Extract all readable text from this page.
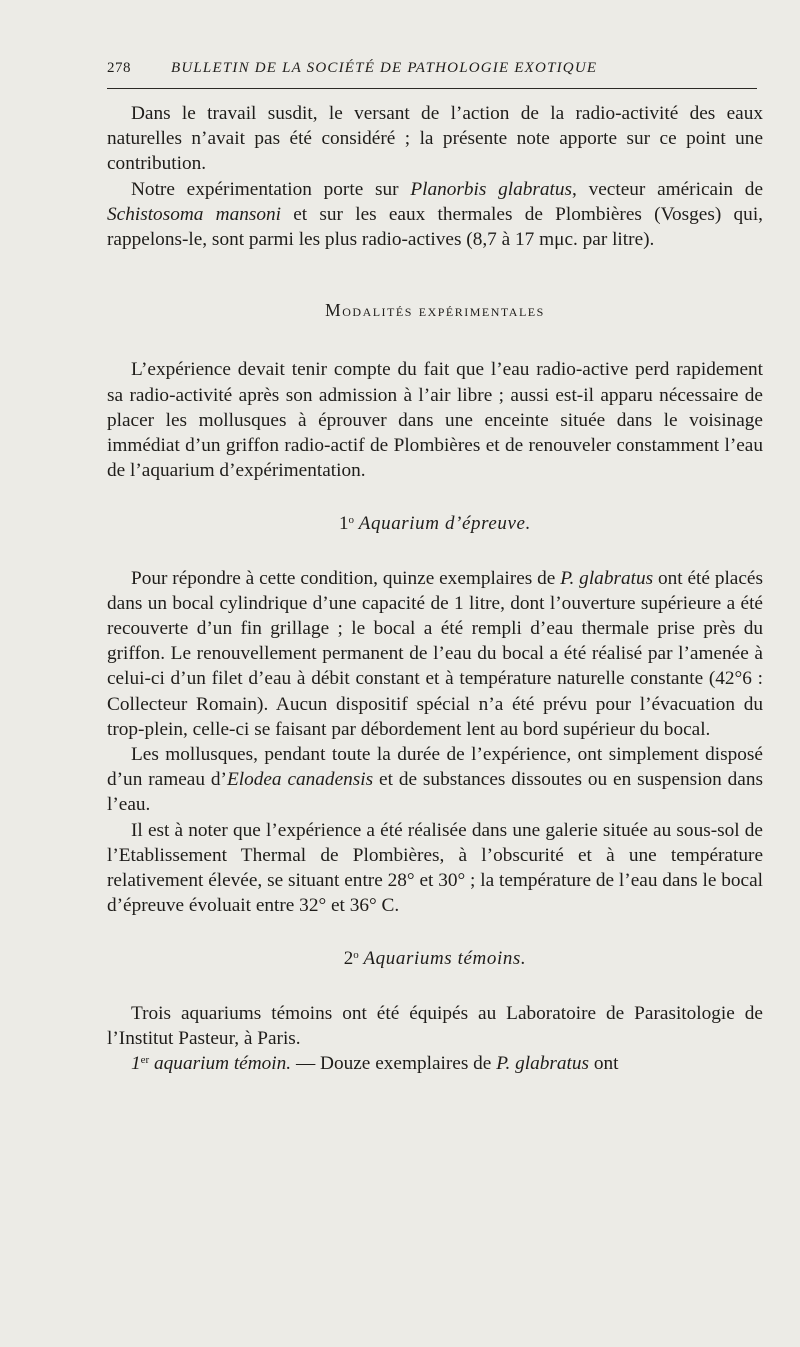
278	BULLETIN DE LA SOCIÉTÉ DE PATHOLOGIE EXOTIQUE

Dans le travail susdit, le versant de l’action de la radio-activité des eaux naturelles n’avait pas été considéré ; la présente note apporte sur ce point une contribution.

Notre expérimentation porte sur Planorbis glabratus, vecteur américain de Schistosoma mansoni et sur les eaux thermales de Plombières (Vosges) qui, rappelons-le, sont parmi les plus radio-actives (8,7 à 17 mμc. par litre).

Modalités expérimentales

L’expérience devait tenir compte du fait que l’eau radio-active perd rapidement sa radio-activité après son admission à l’air libre ; aussi est-il apparu nécessaire de placer les mollusques à éprouver dans une enceinte située dans le voisinage immédiat d’un griffon radio-actif de Plombières et de renouveler constamment l’eau de l’aquarium d’expérimentation.

1$^o$ Aquarium d’épreuve.

Pour répondre à cette condition, quinze exemplaires de P. glabratus ont été placés dans un bocal cylindrique d’une capacité de 1 litre, dont l’ouverture supérieure a été recouverte d’un fin grillage ; le bocal a été rempli d’eau thermale prise près du griffon. Le renouvellement permanent de l’eau du bocal a été réalisé par l’amenée à celui-ci d’un filet d’eau à débit constant et à température naturelle constante (42°6 : Collecteur Romain). Aucun dispositif spécial n’a été prévu pour l’évacuation du trop-plein, celle-ci se faisant par débordement lent au bord supérieur du bocal.

Les mollusques, pendant toute la durée de l’expérience, ont simplement disposé d’un rameau d’Elodea canadensis et de substances dissoutes ou en suspension dans l’eau.

Il est à noter que l’expérience a été réalisée dans une galerie située au sous-sol de l’Etablissement Thermal de Plombières, à l’obscurité et à une température relativement élevée, se situant entre 28° et 30° ; la température de l’eau dans le bocal d’épreuve évoluait entre 32° et 36° C.

2$^o$ Aquariums témoins.

Trois aquariums témoins ont été équipés au Laboratoire de Parasitologie de l’Institut Pasteur, à Paris.

1er aquarium témoin. — Douze exemplaires de P. glabratus ont
